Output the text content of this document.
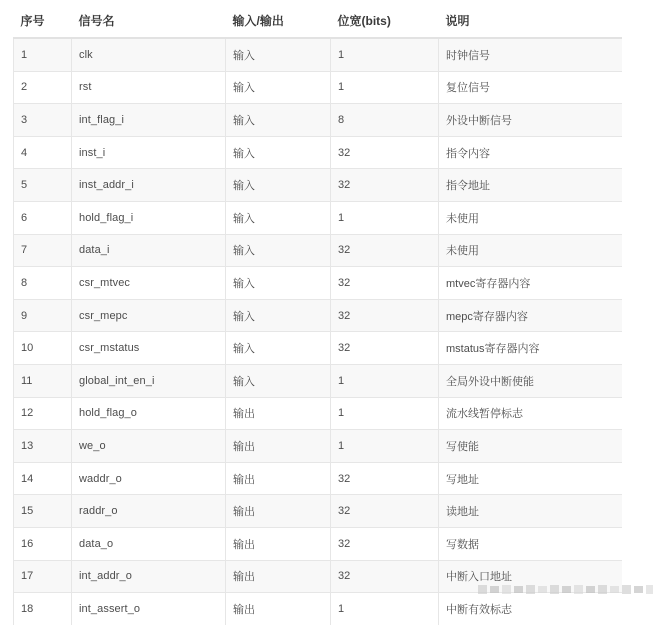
序号	信号名	输入/输出	位宽(bits)	说明
1	clk	输入	1	时钟信号
2	rst	输入	1	复位信号
3	int_flag_i	输入	8	外设中断信号
4	inst_i	输入	32	指令内容
5	inst_addr_i	输入	32	指令地址
6	hold_flag_i	输入	1	未使用
7	data_i	输入	32	未使用
8	csr_mtvec	输入	32	mtvec寄存器内容
9	csr_mepc	输入	32	mepc寄存器内容
10	csr_mstatus	输入	32	mstatus寄存器内容
11	global_int_en_i	输入	1	全局外设中断使能
12	hold_flag_o	输出	1	流水线暂停标志
13	we_o	输出	1	写使能
14	waddr_o	输出	32	写地址
15	raddr_o	输出	32	读地址
16	data_o	输出	32	写数据
17	int_addr_o	输出	32	中断入口地址
18	int_assert_o	输出	1	中断有效标志
